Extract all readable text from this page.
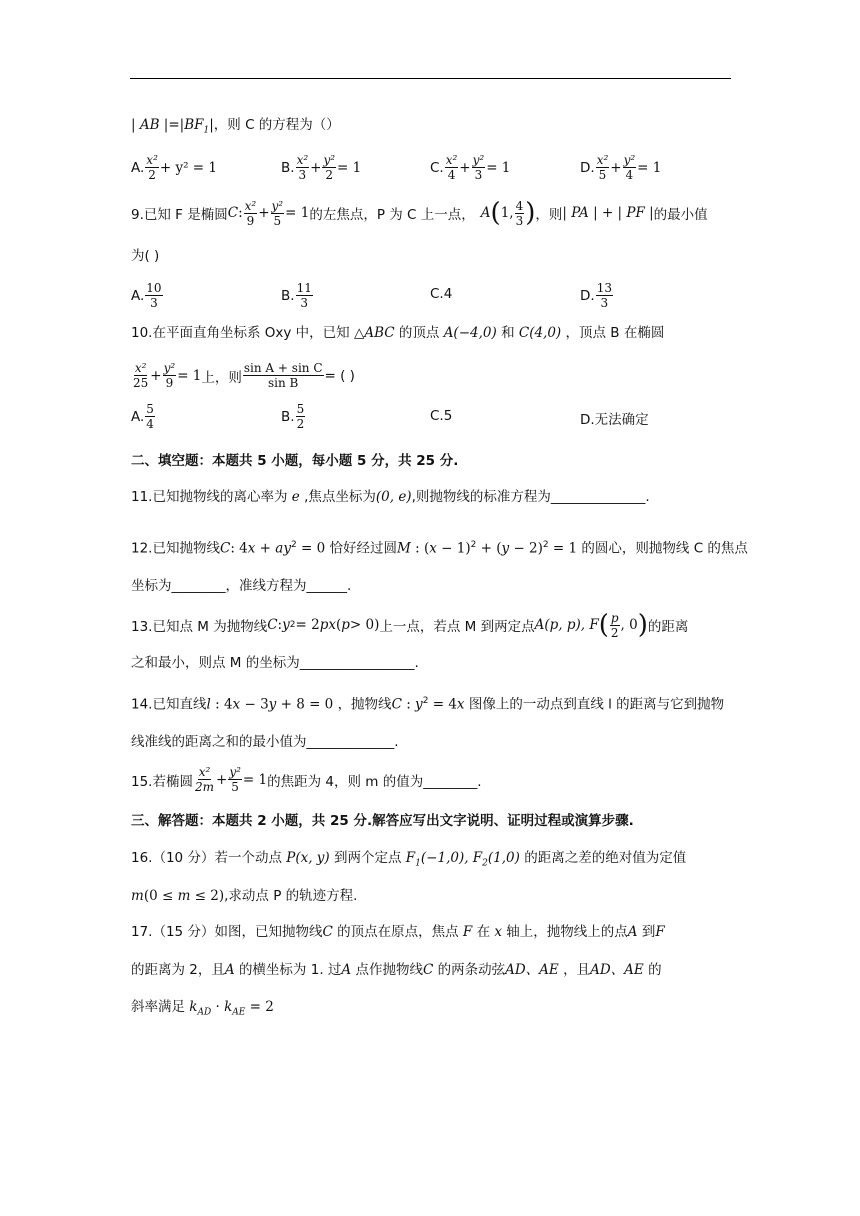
| AB $|=|BF_1|$，则 C 的方程为（）
A. $\frac{\text{x²}}{2} + y^2 = 1$	B. $\frac{\text{x²}}{3} + \frac{\text{y²}}{2} = 1$	C. $\frac{\text{x²}}{4} + \frac{\text{y²}}{3} = 1$	D. $\frac{\text{x²}}{5} + \frac{\text{y²}}{4} = 1$
9.已知 F 是椭圆 C : $\frac{\text{x²}}{9} + \frac{\text{y²}}{5} = 1$ 的左焦点，P 为 C 上一点， A ( 1, $\frac{4}{3}$ ) ，则 | PA | + | PF | 的最小值
为( )
A. $\frac{10}{3}$	B. $\frac{11}{3}$	C.4	D. $\frac{13}{3}$
10.在平面直角坐标系 Oxy 中，已知 △ABC 的顶点 A(−4,0) 和 C(4,0) ，顶点 B 在椭圆
$\frac{\text{x²}}{25} + \frac{\text{y²}}{9} = 1$ 上，则 $\frac{\text{sin A + sin C}}{\text{sin B}}$ = ( )
A. $\frac{5}{4}$	B. $\frac{5}{2}$	C.5	D.无法确定
二、填空题：本题共 5 小题，每小题 5 分，共 25 分.
11.已知抛物线的离心率为 e ,焦点坐标为(0, e),则抛物线的标准方程为______________.
12.已知抛物线C: $4x + ay^2 = 0$ 恰好经过圆M : $(x - 1)^2 + (y - 2)^2 = 1$ 的圆心，则抛物线 C 的焦点
坐标为________，准线方程为______.
13.已知点 M 为抛物线 C : y 2 = 2 px ( p > 0) 上一点，若点 M 到两定点 A(p, p), F ( $\frac{p}{2}$ , 0 ) 的距离
之和最小，则点 M 的坐标为_________________.
14.已知直线l : 4x − 3y + 8 = 0 ，抛物线C : $y^2 = 4x$ 图像上的一动点到直线 l 的距离与它到抛物
线准线的距离之和的最小值为_____________.
15.若椭圆 $\frac{\text{x²}}{2m} + \frac{\text{y²}}{5} = 1$ 的焦距为 4，则 m 的值为________.
三、解答题：本题共 2 小题，共 25 分.解答应写出文字说明、证明过程或演算步骤.
16.（10 分）若一个动点 P(x, y) 到两个定点 $F_1(-1,0)$, $F_2(1,0)$ 的距离之差的绝对值为定值
m(0 ≤ m ≤ 2),求动点 P 的轨迹方程.
17.（15 分）如图，已知抛物线C 的顶点在原点，焦点 F 在 x 轴上，抛物线上的点A 到F
的距离为 2，且A 的横坐标为 1. 过A 点作抛物线C 的两条动弦AD、AE ，且AD、AE 的
斜率满足 $k_{AD} \cdot k_{AE} = 2$
